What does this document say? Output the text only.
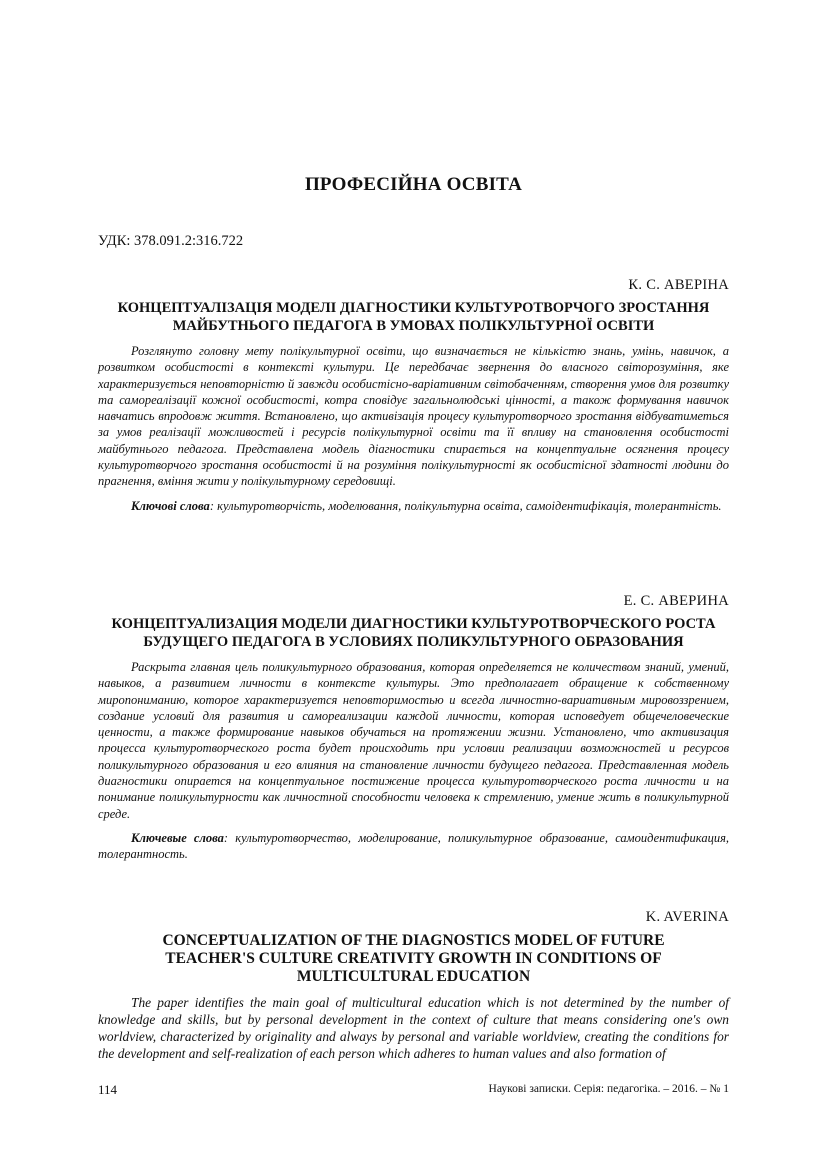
ПРОФЕСІЙНА ОСВІТА
УДК: 378.091.2:316.722
К. С. АВЕРІНА
КОНЦЕПТУАЛІЗАЦІЯ МОДЕЛІ ДІАГНОСТИКИ КУЛЬТУРОТВОРЧОГО ЗРОСТАННЯ МАЙБУТНЬОГО ПЕДАГОГА В УМОВАХ ПОЛІКУЛЬТУРНОЇ ОСВІТИ

Розглянуто головну мету полікультурної освіти, що визначається не кількістю знань, умінь, навичок, а розвитком особистості в контексті культури. Це передбачає звернення до власного світорозуміння, яке характеризується неповторністю й завжди особистісно-варіативним світобаченням, створення умов для розвитку та самореалізації кожної особистості, котра сповідує загальнолюдські цінності, а також формування навичок навчатись впродовж життя. Встановлено, що активізація процесу культуротворчого зростання відбуватиметься за умов реалізації можливостей і ресурсів полікультурної освіти та її впливу на становлення особистості майбутнього педагога. Представлена модель діагностики спирається на концептуальне осягнення процесу культуротворчого зростання особистості й на розуміння полікультурності як особистісної здатності людини до прагнення, вміння жити у полікультурному середовищі.

Ключові слова: культуротворчість, моделювання, полікультурна освіта, самоідентифікація, толерантність.

Е. С. АВЕРИНА
КОНЦЕПТУАЛИЗАЦИЯ МОДЕЛИ ДИАГНОСТИКИ КУЛЬТУРОТВОРЧЕСКОГО РОСТА БУДУЩЕГО ПЕДАГОГА В УСЛОВИЯХ ПОЛИКУЛЬТУРНОГО ОБРАЗОВАНИЯ

Раскрыта главная цель поликультурного образования, которая определяется не количеством знаний, умений, навыков, а развитием личности в контексте культуры. Это предполагает обращение к собственному миропониманию, которое характеризуется неповторимостью и всегда личностно-вариативным мировоззрением, создание условий для развития и самореализации каждой личности, которая исповедует общечеловеческие ценности, а также формирование навыков обучаться на протяжении жизни. Установлено, что активизация процесса культуротворческого роста будет происходить при условии реализации возможностей и ресурсов поликультурного образования и его влияния на становление личности будущего педагога. Представленная модель диагностики опирается на концептуальное постижение процесса культуротворческого роста личности и на понимание поликультурности как личностной способности человека к стремлению, умение жить в поликультурной среде.

Ключевые слова: культуротворчество, моделирование, поликультурное образование, самоидентификация, толерантность.

K. AVERINA
CONCEPTUALIZATION OF THE DIAGNOSTICS MODEL OF FUTURE TEACHER'S CULTURE CREATIVITY GROWTH IN CONDITIONS OF MULTICULTURAL EDUCATION

The paper identifies the main goal of multicultural education which is not determined by the number of knowledge and skills, but by personal development in the context of culture that means considering one's own worldview, characterized by originality and always by personal and variable worldview, creating the conditions for the development and self-realization of each person which adheres to human values and also formation of

114	Наукові записки. Серія: педагогіка. – 2016. – № 1
